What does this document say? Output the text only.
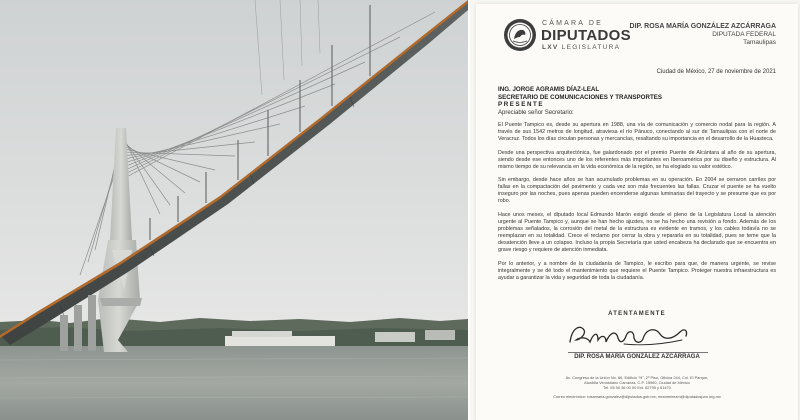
CÁMARA DE
DIPUTADOS
LXV LEGISLATURA
DIP. ROSA MARÍA GONZÁLEZ AZCÁRRAGA
DIPUTADA FEDERAL
Tamaulipas
Ciudad de México, 27 de noviembre de 2021
ING. JORGE AGRAMIS DÍAZ-LEAL
SECRETARIO DE COMUNICACIONES Y TRANSPORTES
PRESENTE
Apreciable señor Secretario:

El Puente Tampico es, desde su apertura en 1988, una vía de comunicación y comercio nodal para la región. A través de sus 1542 metros de longitud, atraviesa el río Pánuco, conectando al sur de Tamaulipas con el norte de Veracruz. Todos los días circulan personas y mercancías, resaltando su importancia en el desarrollo de la Huasteca.

Desde una perspectiva arquitectónica, fue galardonado por el premio Puente de Alcántara al año de su apertura, siendo desde ese entonces uno de los referentes más importantes en Iberoamérica por su diseño y estructura. Al mismo tiempo de su relevancia en la vida económica de la región, se ha elogiado su valor estético.

Sin embargo, desde hace años se han acumulado problemas en su operación. En 2004 se cerraron carriles por fallas en la compactación del pavimento y cada vez son más frecuentes las fallas. Cruzar el puente se ha vuelto inseguro por las noches, pues apenas pueden encenderse algunas luminarias del trayecto y se presume que es por robo.

Hace unos meses, el diputado local Edmundo Marón exigió desde el pleno de la Legislatura Local la atención urgente al Puente Tampico y, aunque se han hecho ajustes, no se ha hecho una revisión a fondo. Además de los problemas señalados, la corrosión del metal de la estructura es evidente en tramos, y los cables todavía no se reemplazan en su totalidad. Crece el reclamo por cerrar la obra y repararla en su totalidad, pues se teme que la desatención lleve a un colapso. Incluso la propia Secretaría que usted encabeza ha declarado que se encuentra en grave riesgo y requiere de atención inmediata.

Por lo anterior, y a nombre de la ciudadanía de Tampico, le escribo para que, de manera urgente, se revise integralmente y se dé todo el mantenimiento que requiere el Puente Tampico. Proteger nuestra infraestructura es ayudar a garantizar la vida y seguridad de toda la ciudadanía.

ATENTAMENTE
DIP. ROSA MARÍA GONZÁLEZ AZCÁRRAGA
Av. Congreso de la Unión No. 66, Edificio "H", 2º Piso, Oficina 244, Col. El Parque,
Alcaldía Venustiano Carranza, C.P. 15960, Ciudad de México
Tel. 55 50 36 00 00 Ext. 62795 y 61470
Correo electrónico: rosamaria.gonzalez@diputados.gob.mx; mrammirezm@diputadospan.org.mx
